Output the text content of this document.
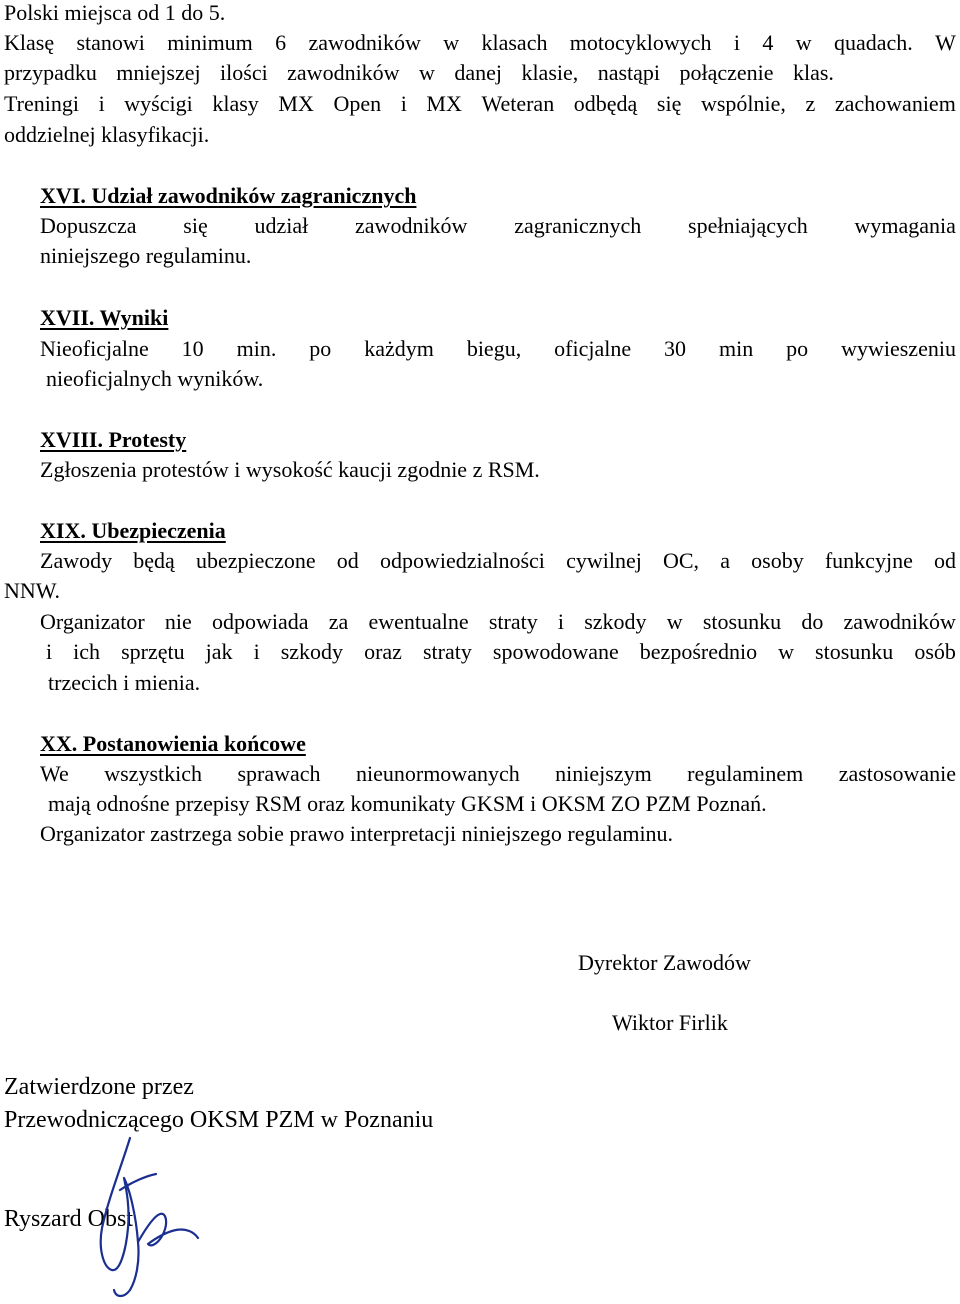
Polski miejsca od 1 do 5.
Klasę stanowi minimum 6 zawodników w klasach motocyklowych i 4 w quadach. W
przypadku mniejszej ilości zawodników w danej klasie, nastąpi połączenie klas.
Treningi i wyścigi klasy MX Open i MX Weteran odbędą się wspólnie, z zachowaniem
oddzielnej klasyfikacji.
XVI. Udział zawodników zagranicznych
Dopuszcza się udział zawodników zagranicznych spełniających wymagania
niniejszego regulaminu.
XVII. Wyniki
Nieoficjalne 10 min. po każdym biegu, oficjalne 30 min po wywieszeniu
nieoficjalnych wyników.
XVIII. Protesty
Zgłoszenia protestów i wysokość kaucji zgodnie z RSM.
XIX. Ubezpieczenia
Zawody będą ubezpieczone od odpowiedzialności cywilnej OC, a osoby funkcyjne od
NNW.
Organizator nie odpowiada za ewentualne straty i szkody w stosunku do zawodników
i ich sprzętu jak i szkody oraz straty spowodowane bezpośrednio w stosunku osób
trzecich i mienia.
XX. Postanowienia końcowe
We wszystkich sprawach nieunormowanych niniejszym regulaminem zastosowanie
mają odnośne przepisy RSM oraz komunikaty GKSM i OKSM ZO PZM Poznań.
Organizator zastrzega sobie prawo interpretacji niniejszego regulaminu.
Dyrektor Zawodów
Wiktor Firlik
Zatwierdzone przez
Przewodniczącego OKSM PZM w Poznaniu
Ryszard Obst
